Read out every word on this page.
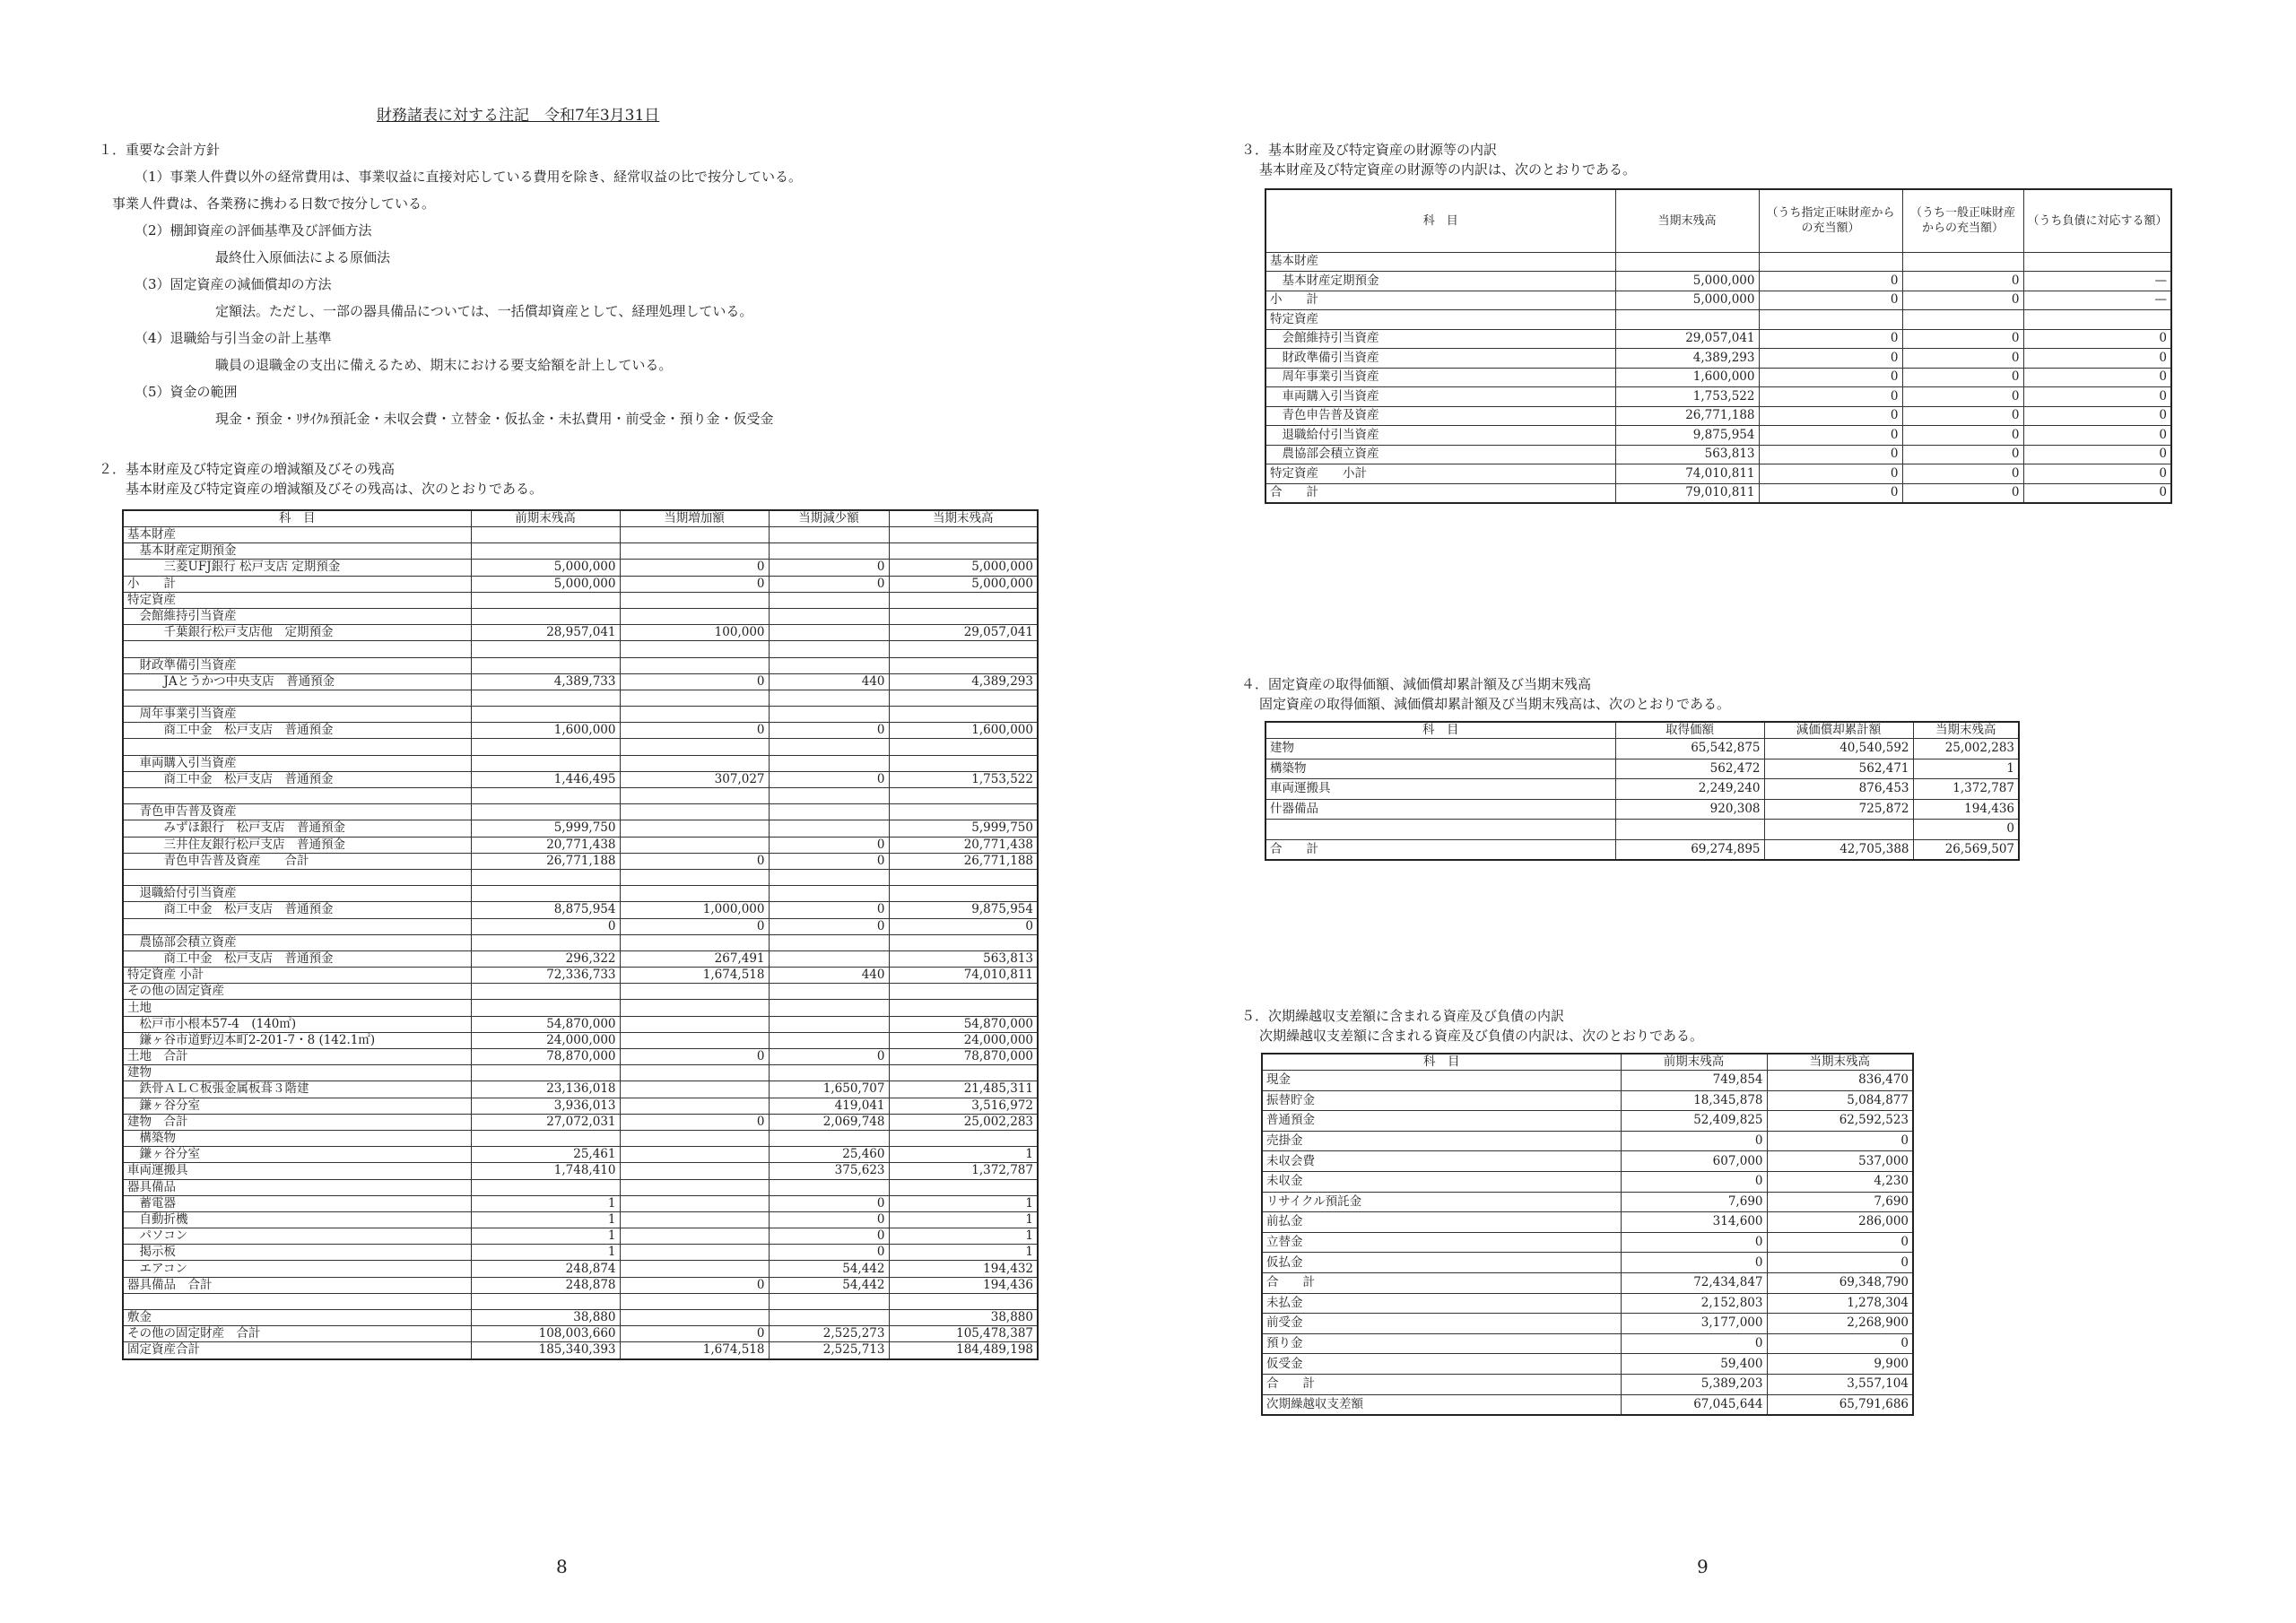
財務諸表に対する注記　令和7年3月31日
１．重要な会計方針
（1）事業人件費以外の経常費用は、事業収益に直接対応している費用を除き、経常収益の比で按分している。
　事業人件費は、各業務に携わる日数で按分している。
（2）棚卸資産の評価基準及び評価方法
最終仕入原価法による原価法
（3）固定資産の減価償却の方法
定額法。ただし、一部の器具備品については、一括償却資産として、経理処理している。
（4）退職給与引当金の計上基準
職員の退職金の支出に備えるため、期末における要支給額を計上している。
（5）資金の範囲
現金・預金・ﾘｻｲｸﾙ預託金・未収会費・立替金・仮払金・未払費用・前受金・預り金・仮受金
２．基本財産及び特定資産の増減額及びその残高
基本財産及び特定資産の増減額及びその残高は、次のとおりである。
科　目	前期末残高	当期増加額	当期減少額	当期末残高
基本財産				
　基本財産定期預金				
　　　三菱UFJ銀行 松戸支店 定期預金	5,000,000	0	0	5,000,000
小　　計	5,000,000	0	0	5,000,000
特定資産				
　会館維持引当資産				
　　　千葉銀行松戸支店他　定期預金	28,957,041	100,000		29,057,041

　財政準備引当資産				
　　　JAとうかつ中央支店　普通預金	4,389,733	0	440	4,389,293

　周年事業引当資産				
　　　商工中金　松戸支店　普通預金	1,600,000	0	0	1,600,000

　車両購入引当資産				
　　　商工中金　松戸支店　普通預金	1,446,495	307,027	0	1,753,522

　青色申告普及資産				
　　　みずほ銀行　松戸支店　普通預金	5,999,750			5,999,750
　　　三井住友銀行松戸支店　普通預金	20,771,438		0	20,771,438
　　　青色申告普及資産　　合計	26,771,188	0	0	26,771,188

　退職給付引当資産				
　　　商工中金　松戸支店　普通預金	8,875,954	1,000,000	0	9,875,954
	0	0	0	0
　農協部会積立資産				
　　　商工中金　松戸支店　普通預金	296,322	267,491		563,813
特定資産 小計	72,336,733	1,674,518	440	74,010,811
その他の固定資産				
土地				
　松戸市小根本57-4　(140㎡)	54,870,000			54,870,000
　鎌ヶ谷市道野辺本町2-201-7・8 (142.1㎡)	24,000,000			24,000,000
土地　合計	78,870,000	0	0	78,870,000
建物				
　鉄骨ＡＬＣ板張金属板葺３階建	23,136,018		1,650,707	21,485,311
　鎌ヶ谷分室	3,936,013		419,041	3,516,972
建物　合計	27,072,031	0	2,069,748	25,002,283
　構築物				
　鎌ヶ谷分室	25,461		25,460	1
車両運搬具	1,748,410		375,623	1,372,787
器具備品				
　蓄電器	1		0	1
　自動折機	1		0	1
　パソコン	1		0	1
　掲示板	1		0	1
　エアコン	248,874		54,442	194,432
器具備品　合計	248,878	0	54,442	194,436

敷金	38,880			38,880
その他の固定財産　合計	108,003,660	0	2,525,273	105,478,387
固定資産合計	185,340,393	1,674,518	2,525,713	184,489,198
8
３．基本財産及び特定資産の財源等の内訳
基本財産及び特定資産の財源等の内訳は、次のとおりである。
科　目	当期末残高	（うち指定正味財産からの充当額）	（うち一般正味財産からの充当額）	（うち負債に対応する額）
基本財産				
　基本財産定期預金	5,000,000	0	0	—
小　　計	5,000,000	0	0	—
特定資産				
　会館維持引当資産	29,057,041	0	0	0
　財政準備引当資産	4,389,293	0	0	0
　周年事業引当資産	1,600,000	0	0	0
　車両購入引当資産	1,753,522	0	0	0
　青色申告普及資産	26,771,188	0	0	0
　退職給付引当資産	9,875,954	0	0	0
　農協部会積立資産	563,813	0	0	0
特定資産　　小計	74,010,811	0	0	0
合　　計	79,010,811	0	0	0
４．固定資産の取得価額、減価償却累計額及び当期末残高
固定資産の取得価額、減価償却累計額及び当期末残高は、次のとおりである。
科　目	取得価額	減価償却累計額	当期末残高
建物	65,542,875	40,540,592	25,002,283
構築物	562,472	562,471	1
車両運搬具	2,249,240	876,453	1,372,787
什器備品	920,308	725,872	194,436
			0
合　　計	69,274,895	42,705,388	26,569,507
５．次期繰越収支差額に含まれる資産及び負債の内訳
次期繰越収支差額に含まれる資産及び負債の内訳は、次のとおりである。
科　目	前期末残高	当期末残高
現金	749,854	836,470
振替貯金	18,345,878	5,084,877
普通預金	52,409,825	62,592,523
売掛金	0	0
未収会費	607,000	537,000
未収金	0	4,230
リサイクル預託金	7,690	7,690
前払金	314,600	286,000
立替金	0	0
仮払金	0	0
合　　計	72,434,847	69,348,790
未払金	2,152,803	1,278,304
前受金	3,177,000	2,268,900
預り金	0	0
仮受金	59,400	9,900
合　　計	5,389,203	3,557,104
次期繰越収支差額	67,045,644	65,791,686
9
